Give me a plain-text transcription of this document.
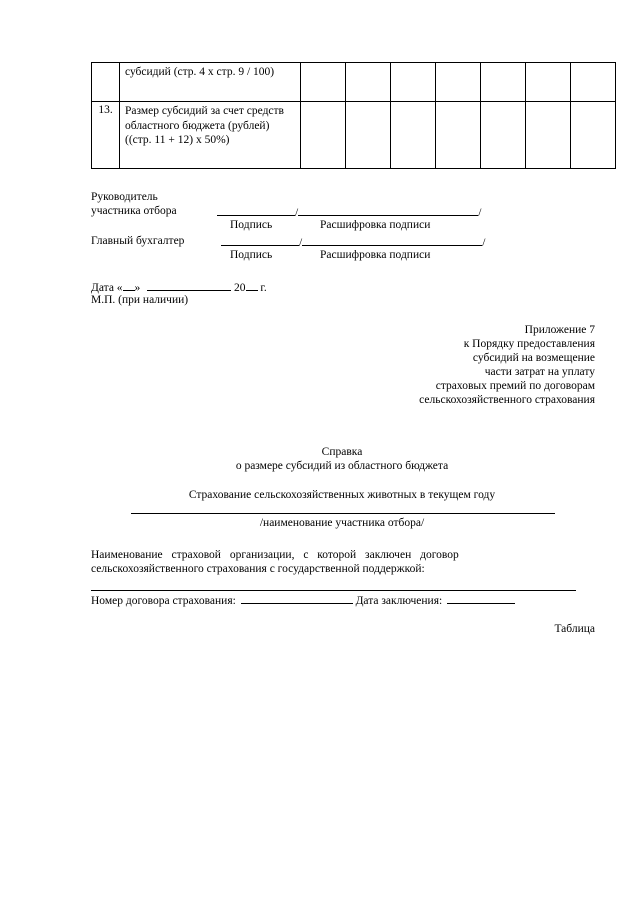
	субсидий (стр. 4 x стр. 9 / 100)							
13.	Размер субсидий за счет средств областного бюджета (рублей) ((стр. 11 + 12) x 50%)							
Руководитель
участника отбора	/	/
Подпись	Расшифровка подписи
Главный бухгалтер	/	/
Подпись	Расшифровка подписи
Дата « »	20 г.
М.П. (при наличии)
Приложение 7
к Порядку предоставления
субсидий на возмещение
части затрат на уплату
страховых премий по договорам
сельскохозяйственного страхования
Справка
о размере субсидий из областного бюджета
Страхование сельскохозяйственных животных в текущем году
/наименование участника отбора/
Наименование страховой организации, с которой заключен договор
сельскохозяйственного страхования с государственной поддержкой:
Номер договора страхования:	Дата заключения:
Таблица
